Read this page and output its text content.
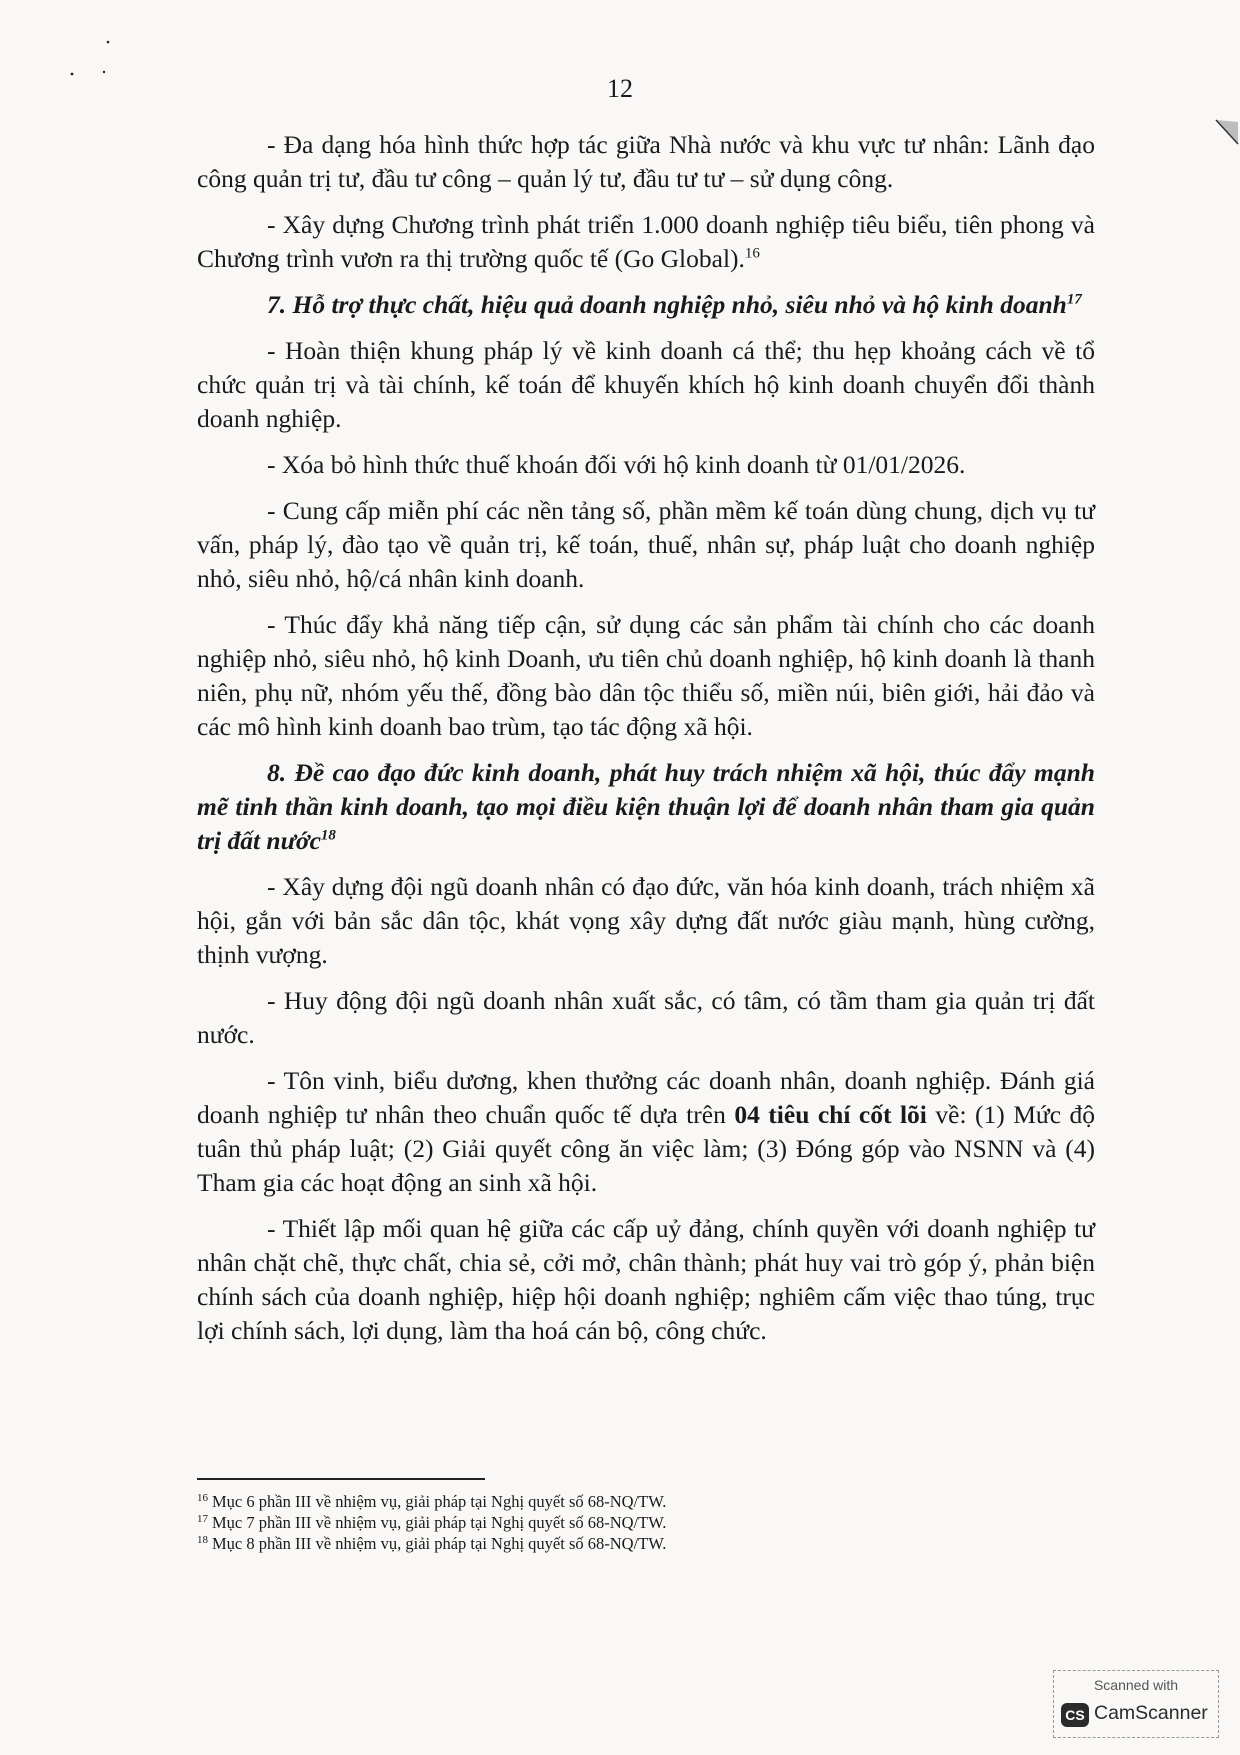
12

- Đa dạng hóa hình thức hợp tác giữa Nhà nước và khu vực tư nhân: Lãnh đạo công quản trị tư, đầu tư công – quản lý tư, đầu tư tư – sử dụng công.

- Xây dựng Chương trình phát triển 1.000 doanh nghiệp tiêu biểu, tiên phong và Chương trình vươn ra thị trường quốc tế (Go Global).$^{16}$

7. Hỗ trợ thực chất, hiệu quả doanh nghiệp nhỏ, siêu nhỏ và hộ kinh doanh$^{17}$

- Hoàn thiện khung pháp lý về kinh doanh cá thể; thu hẹp khoảng cách về tổ chức quản trị và tài chính, kế toán để khuyến khích hộ kinh doanh chuyển đổi thành doanh nghiệp.

- Xóa bỏ hình thức thuế khoán đối với hộ kinh doanh từ 01/01/2026.

- Cung cấp miễn phí các nền tảng số, phần mềm kế toán dùng chung, dịch vụ tư vấn, pháp lý, đào tạo về quản trị, kế toán, thuế, nhân sự, pháp luật cho doanh nghiệp nhỏ, siêu nhỏ, hộ/cá nhân kinh doanh.

- Thúc đẩy khả năng tiếp cận, sử dụng các sản phẩm tài chính cho các doanh nghiệp nhỏ, siêu nhỏ, hộ kinh Doanh, ưu tiên chủ doanh nghiệp, hộ kinh doanh là thanh niên, phụ nữ, nhóm yếu thế, đồng bào dân tộc thiểu số, miền núi, biên giới, hải đảo và các mô hình kinh doanh bao trùm, tạo tác động xã hội.

8. Đề cao đạo đức kinh doanh, phát huy trách nhiệm xã hội, thúc đẩy mạnh mẽ tinh thần kinh doanh, tạo mọi điều kiện thuận lợi để doanh nhân tham gia quản trị đất nước$^{18}$

- Xây dựng đội ngũ doanh nhân có đạo đức, văn hóa kinh doanh, trách nhiệm xã hội, gắn với bản sắc dân tộc, khát vọng xây dựng đất nước giàu mạnh, hùng cường, thịnh vượng.

- Huy động đội ngũ doanh nhân xuất sắc, có tâm, có tầm tham gia quản trị đất nước.

- Tôn vinh, biểu dương, khen thưởng các doanh nhân, doanh nghiệp. Đánh giá doanh nghiệp tư nhân theo chuẩn quốc tế dựa trên 04 tiêu chí cốt lõi về: (1) Mức độ tuân thủ pháp luật; (2) Giải quyết công ăn việc làm; (3) Đóng góp vào NSNN và (4) Tham gia các hoạt động an sinh xã hội.

- Thiết lập mối quan hệ giữa các cấp uỷ đảng, chính quyền với doanh nghiệp tư nhân chặt chẽ, thực chất, chia sẻ, cởi mở, chân thành; phát huy vai trò góp ý, phản biện chính sách của doanh nghiệp, hiệp hội doanh nghiệp; nghiêm cấm việc thao túng, trục lợi chính sách, lợi dụng, làm tha hoá cán bộ, công chức.

$^{16}$ Mục 6 phần III về nhiệm vụ, giải pháp tại Nghị quyết số 68-NQ/TW.
$^{17}$ Mục 7 phần III về nhiệm vụ, giải pháp tại Nghị quyết số 68-NQ/TW.
$^{18}$ Mục 8 phần III về nhiệm vụ, giải pháp tại Nghị quyết số 68-NQ/TW.
Scanned with
CS CamScanner
